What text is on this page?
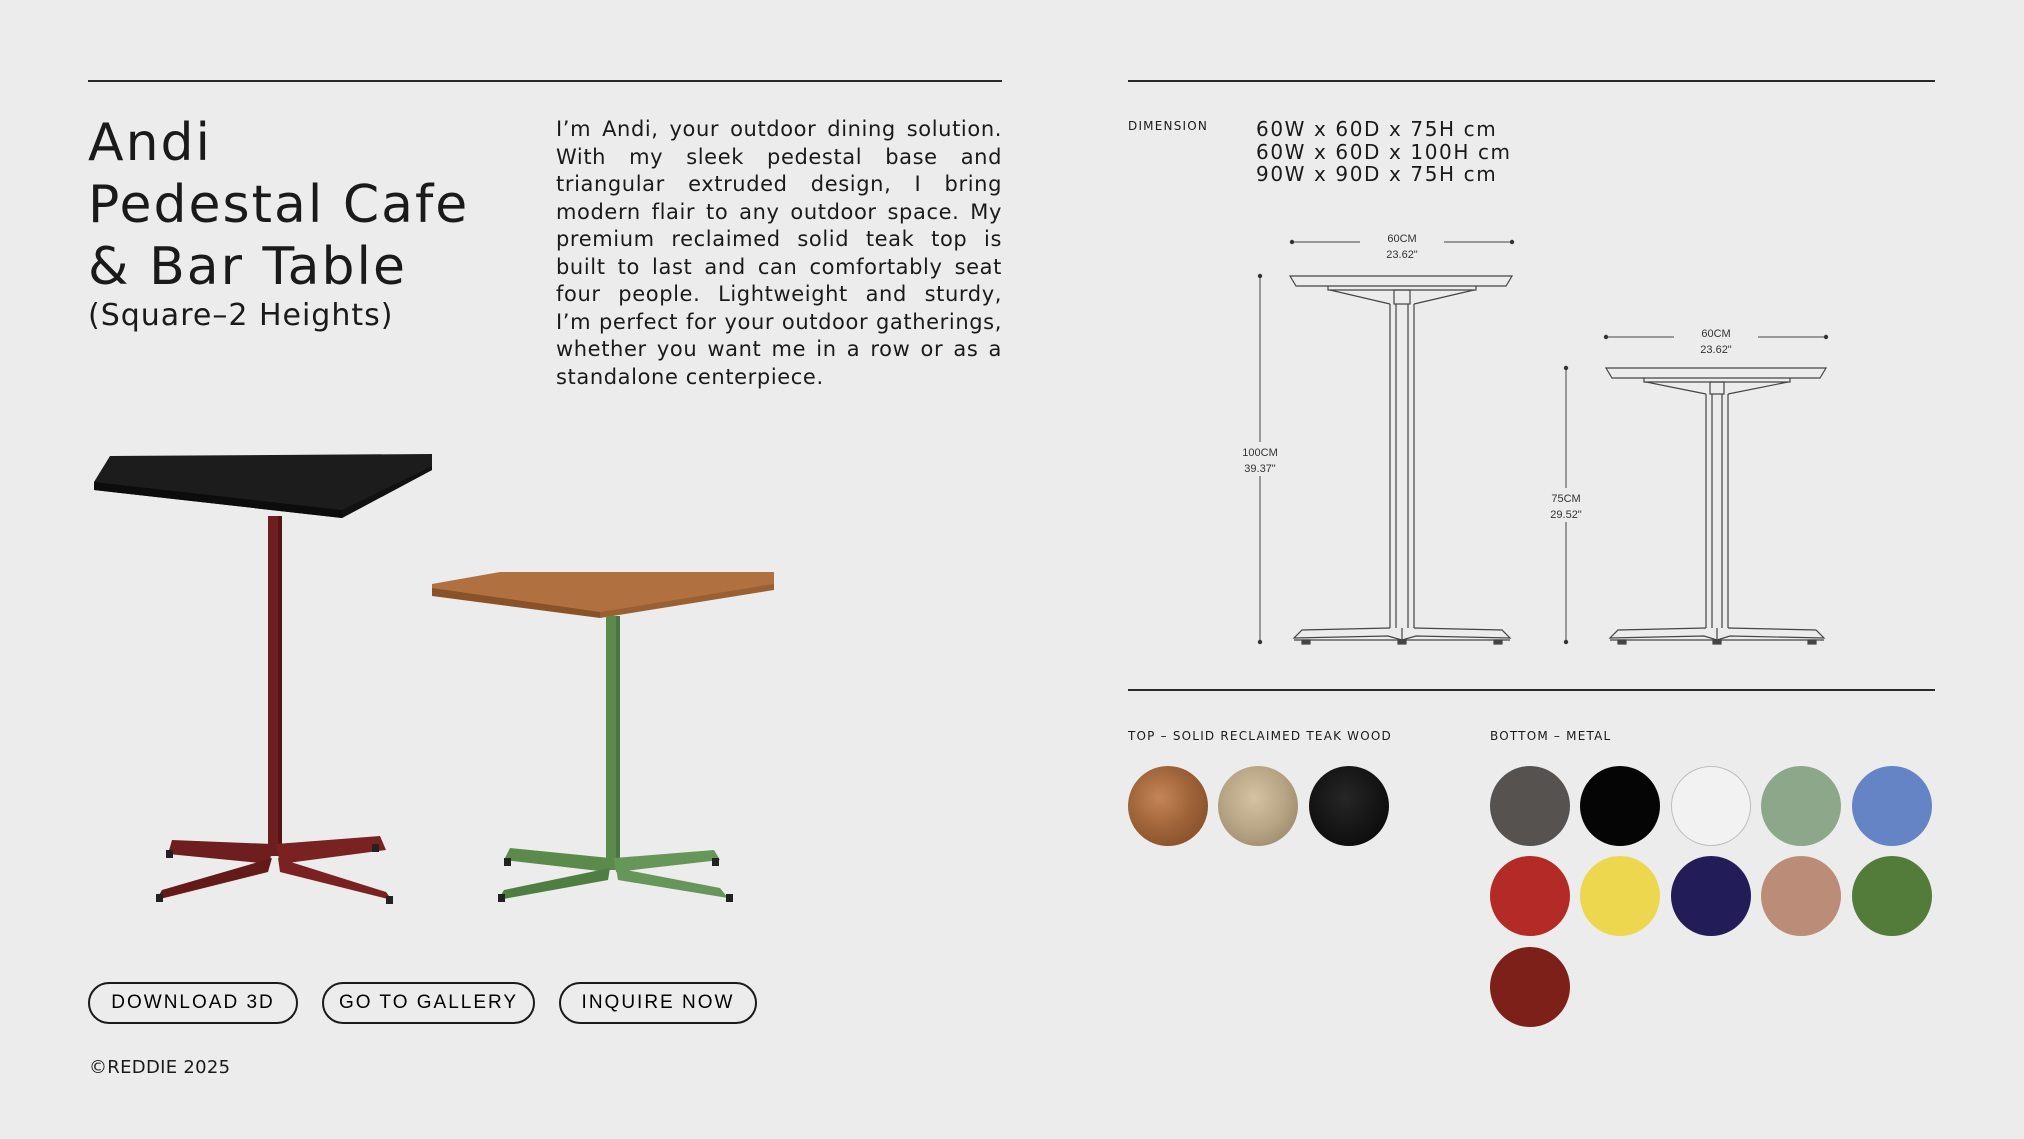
Andi
Pedestal Cafe
& Bar Table
(Square–2 Heights)

I’m Andi, your outdoor dining solution. With my sleek pedestal base and triangular extruded design, I bring modern flair to any outdoor space. My premium reclaimed solid teak top is built to last and can comfortably seat four people. Lightweight and sturdy, I’m perfect for your outdoor gatherings, whether you want me in a row or as a standalone centerpiece.

DIMENSION 60W x 60D x 75H cm
60W x 60D x 100H cm
90W x 90D x 75H cm
60CM
23.62"
100CM
39.37"
60CM
23.62"
75CM
29.52"
TOP – SOLID RECLAIMED TEAK WOOD	BOTTOM – METAL
DOWNLOAD 3D	GO TO GALLERY	INQUIRE NOW
©REDDIE 2025
